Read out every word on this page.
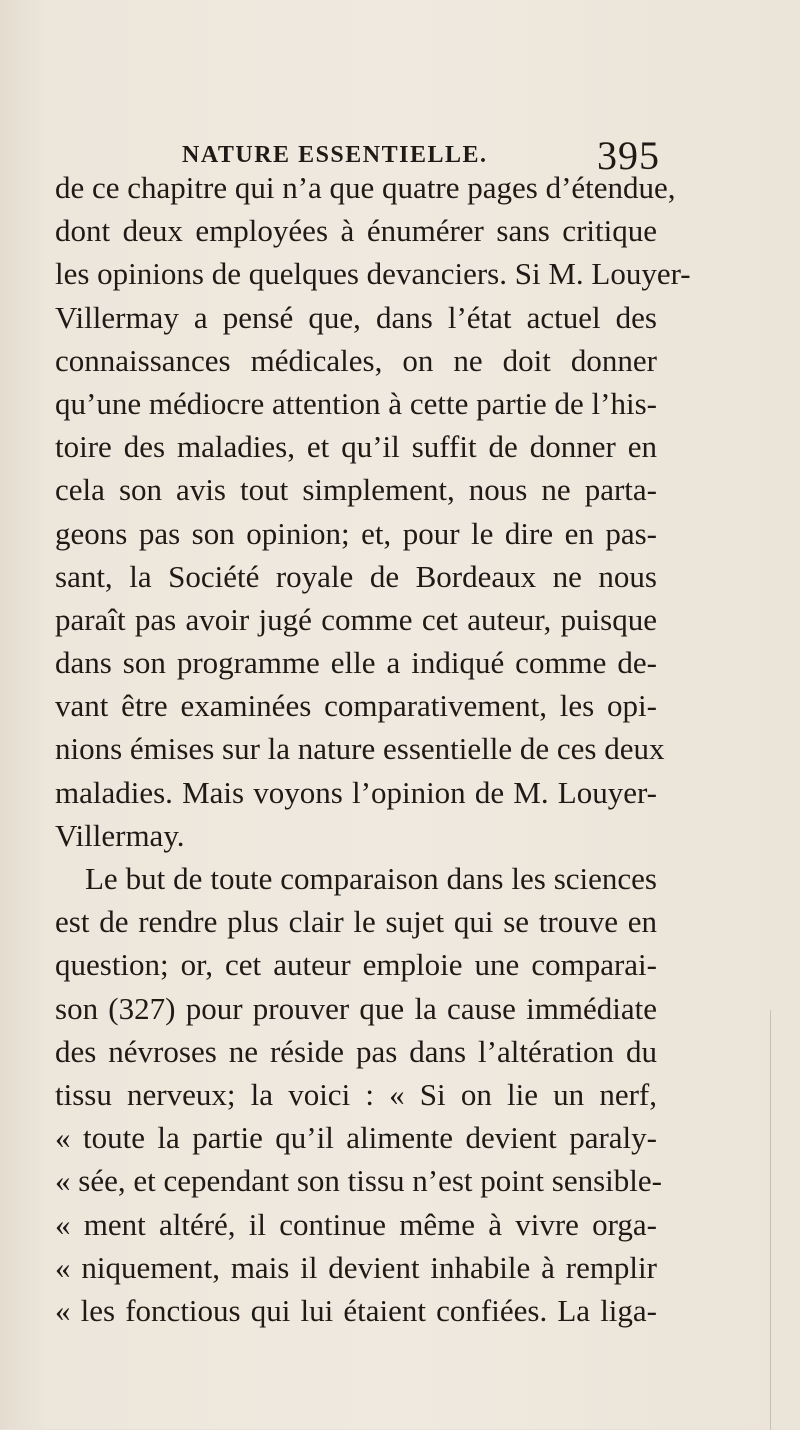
NATURE ESSENTIELLE.	395
de ce chapitre qui n’a que quatre pages d’étendue,
dont deux employées à énumérer sans critique
les opinions de quelques devanciers. Si M. Louyer-
Villermay a pensé que, dans l’état actuel des
connaissances médicales, on ne doit donner
qu’une médiocre attention à cette partie de l’his-
toire des maladies, et qu’il suffit de donner en
cela son avis tout simplement, nous ne parta-
geons pas son opinion; et, pour le dire en pas-
sant, la Société royale de Bordeaux ne nous
paraît pas avoir jugé comme cet auteur, puisque
dans son programme elle a indiqué comme de-
vant être examinées comparativement, les opi-
nions émises sur la nature essentielle de ces deux
maladies. Mais voyons l’opinion de M. Louyer-
Villermay.
Le but de toute comparaison dans les sciences
est de rendre plus clair le sujet qui se trouve en
question; or, cet auteur emploie une comparai-
son (327) pour prouver que la cause immédiate
des névroses ne réside pas dans l’altération du
tissu nerveux; la voici : « Si on lie un nerf,
« toute la partie qu’il alimente devient paraly-
« sée, et cependant son tissu n’est point sensible-
« ment altéré, il continue même à vivre orga-
« niquement, mais il devient inhabile à remplir
« les fonctious qui lui étaient confiées. La liga-
